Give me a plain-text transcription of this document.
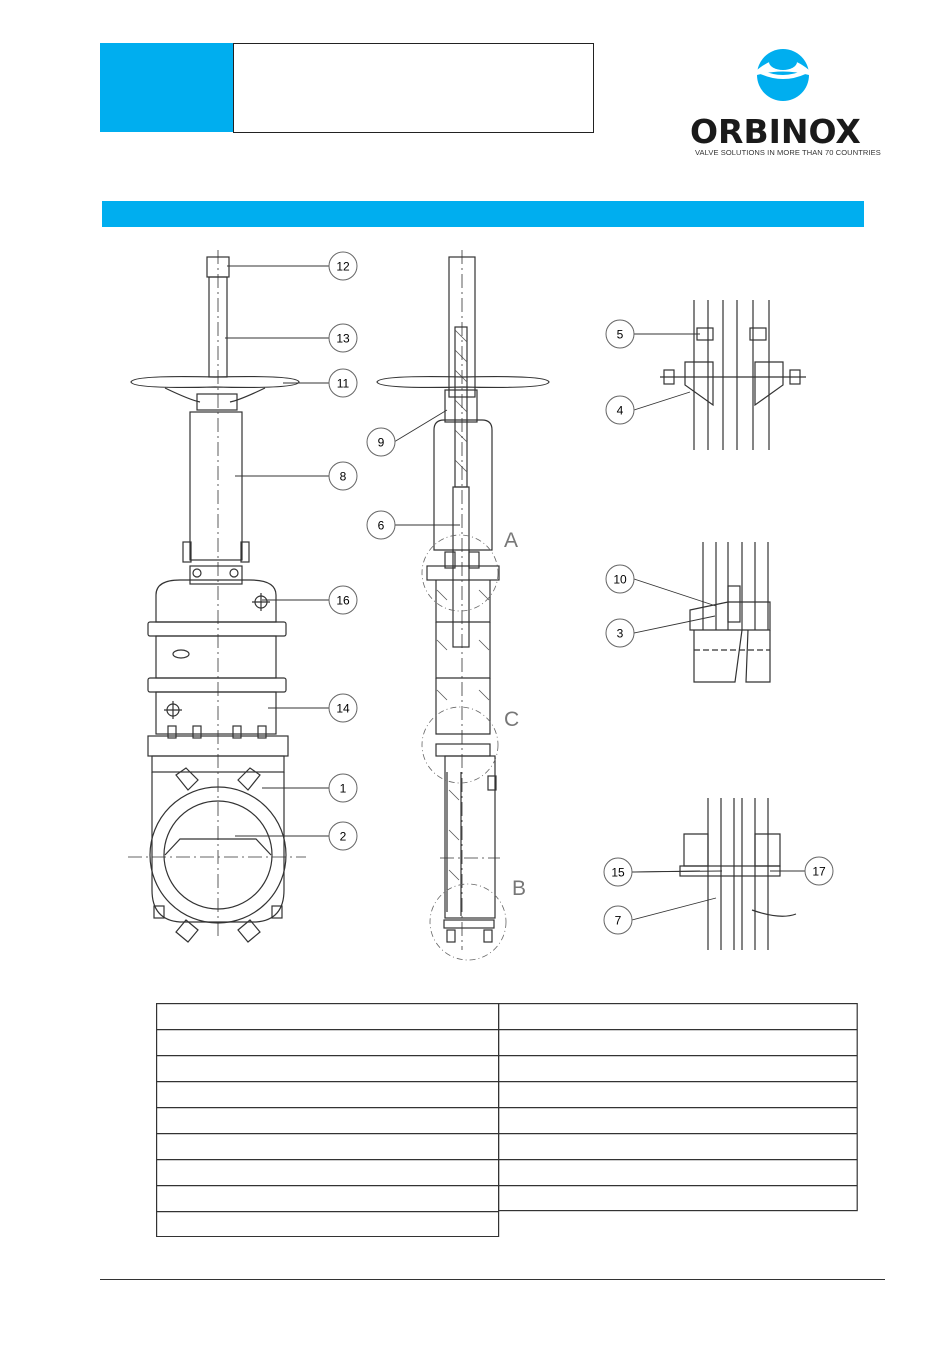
ORBINOX
VALVE SOLUTIONS IN MORE THAN 70 COUNTRIES
12
13
11
8
16
14
1
2
9
6
5
4
10
3
15	17
7
A
C
B
